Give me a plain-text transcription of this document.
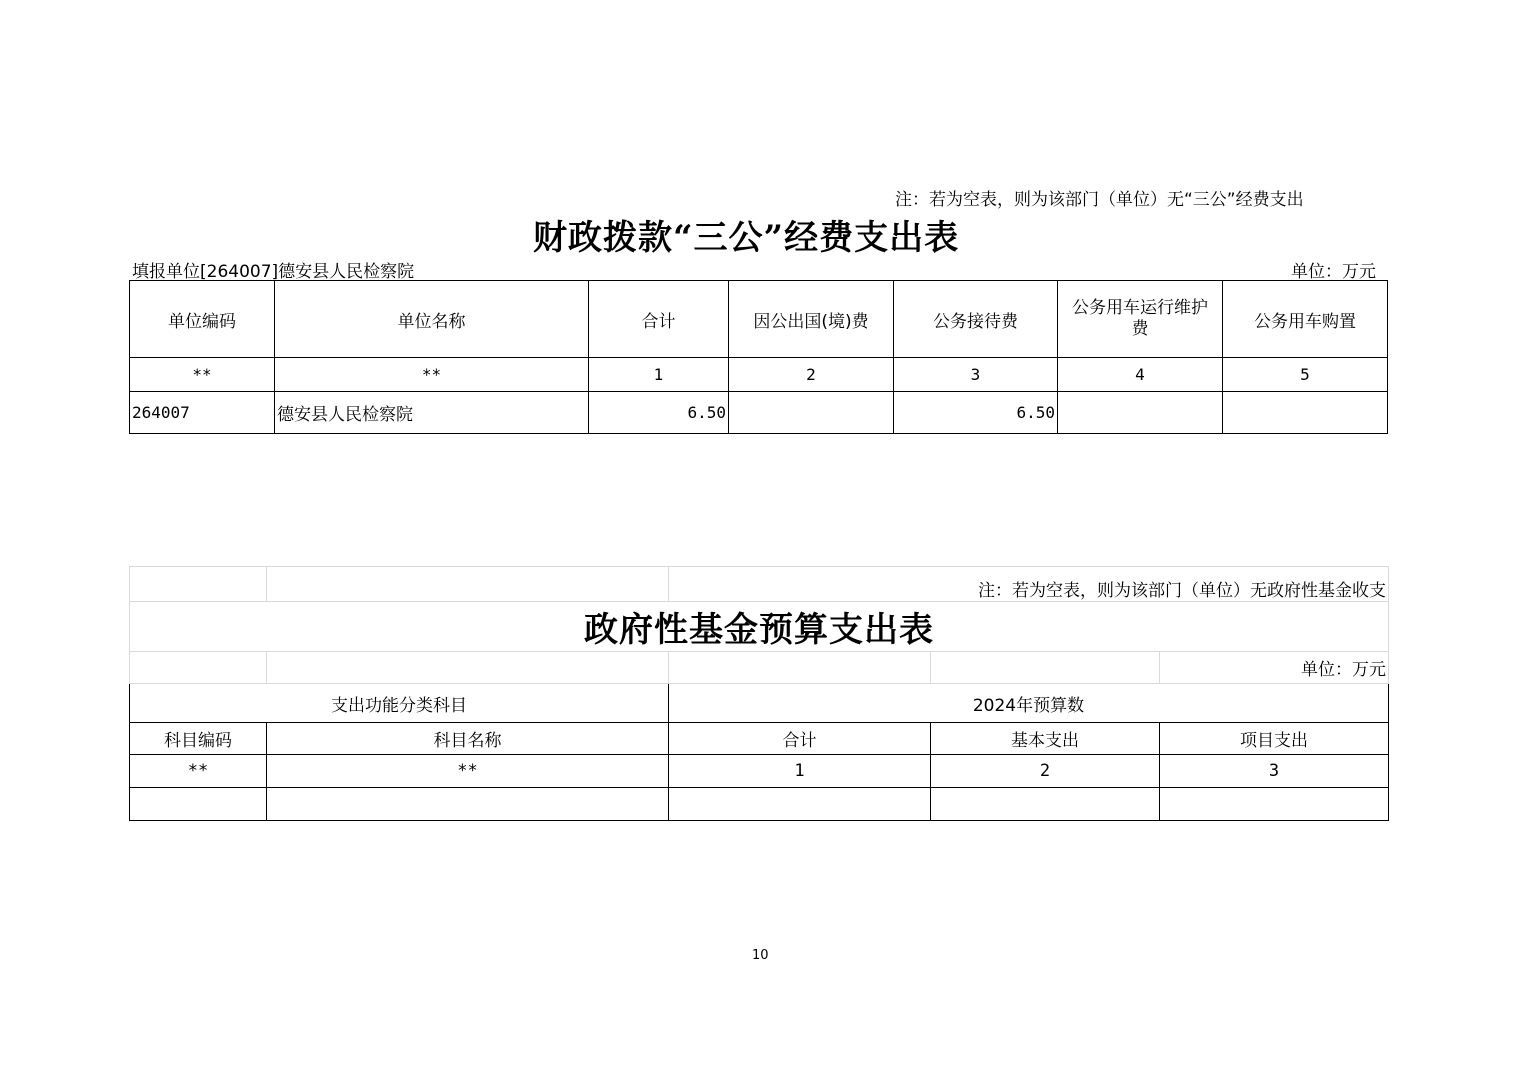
注：若为空表，则为该部门（单位）无“三公”经费支出
财政拨款“三公”经费支出表
填报单位[264007]德安县人民检察院	单位：万元
单位编码	单位名称	合计	因公出国(境)费	公务接待费	公务用车运行维护费	公务用车购置
**	**	1	2	3	4	5
264007	德安县人民检察院	6.50		6.50		
		注：若为空表，则为该部门（单位）无政府性基金收支		
政府性基金预算支出表				
				单位：万元
支出功能分类科目		2024年预算数		
科目编码	科目名称	合计	基本支出	项目支出
**	**	1	2	3

10
